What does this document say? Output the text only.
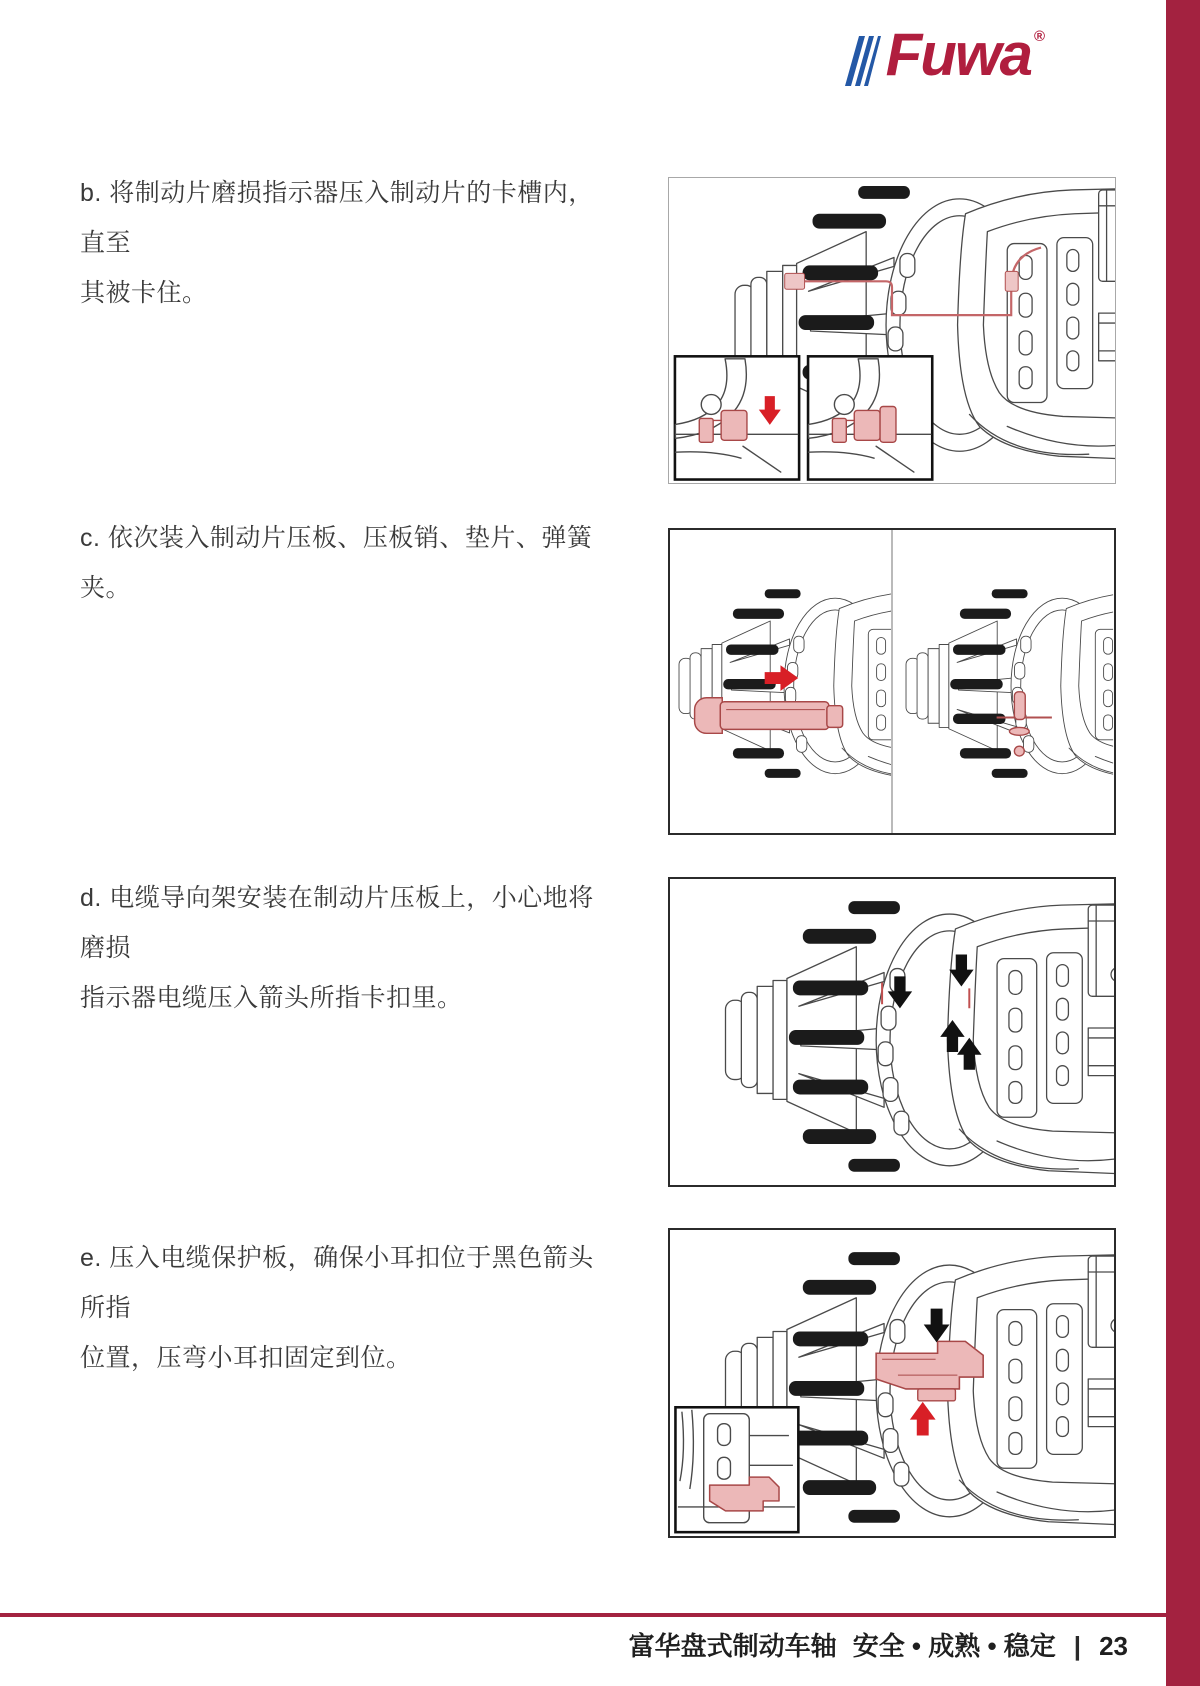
Fuwa ®
b. 将制动片磨损指示器压入制动片的卡槽内，直至
其被卡住。
c. 依次装入制动片压板、压板销、垫片、弹簧夹。
d. 电缆导向架安装在制动片压板上，小心地将磨损
指示器电缆压入箭头所指卡扣里。
e. 压入电缆保护板，确保小耳扣位于黑色箭头所指
位置，压弯小耳扣固定到位。
富华盘式制动车轴 安全 • 成熟 • 稳定 | 23
